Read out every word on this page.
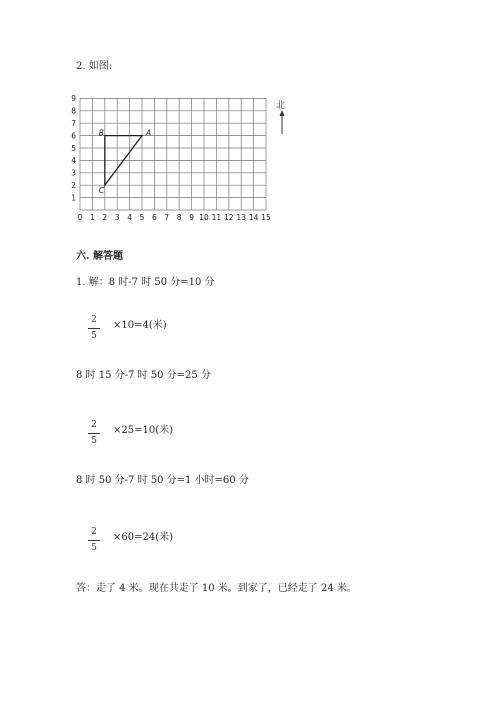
2. 如图:
0 1 2 3 4 5 6 7 8 9 10 11 12 13 14 15
1
2
3
4
5
6
7
8
9
A
B
C
北
六. 解答题
1. 解：8 时-7 时 50 分=10 分
2
5
×10=4(米)
8 时 15 分-7 时 50 分=25 分
2
5
×25=10(米)
8 时 50 分-7 时 50 分=1 小时=60 分
2
5
×60=24(米)
答：走了 4 米。现在共走了 10 米。到家了，已经走了 24 米。
